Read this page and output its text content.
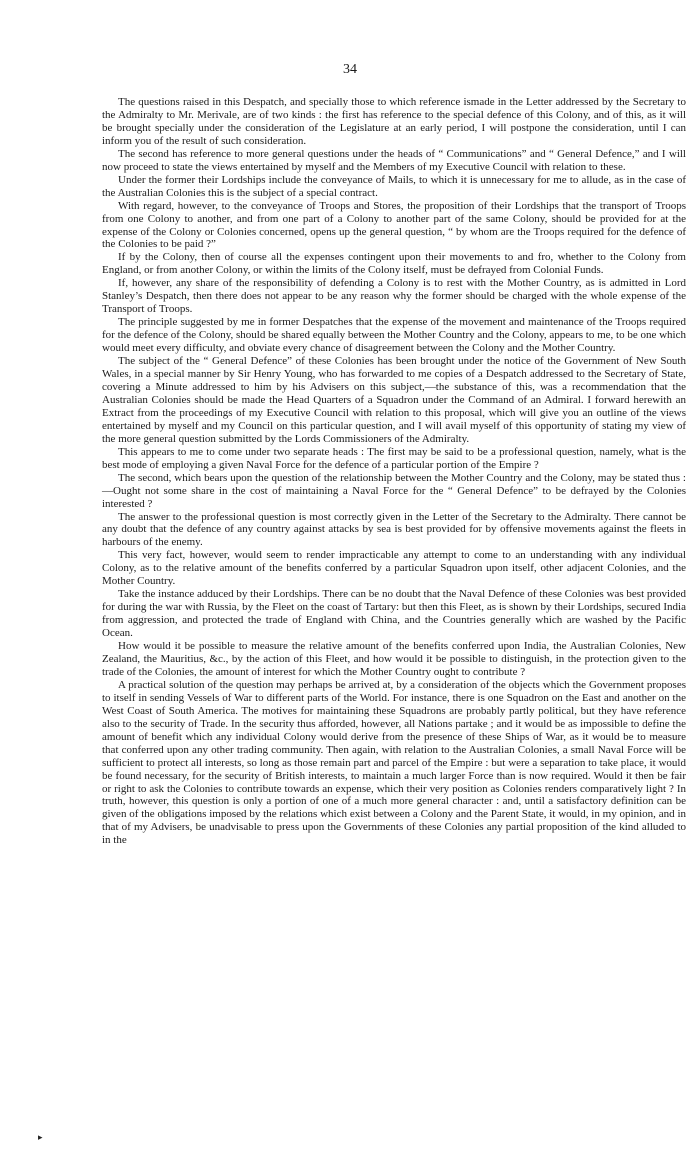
34

The questions raised in this Despatch, and specially those to which reference ismade in the Letter addressed by the Secretary to the Admiralty to Mr. Merivale, are of two kinds : the first has reference to the special defence of this Colony, and of this, as it will be brought specially under the consideration of the Legislature at an early period, I will postpone the consideration, until I can inform you of the result of such consideration.

The second has reference to more general questions under the heads of “ Communications” and “ General Defence,” and I will now proceed to state the views entertained by myself and the Members of my Executive Council with relation to these.

Under the former their Lordships include the conveyance of Mails, to which it is unnecessary for me to allude, as in the case of the Australian Colonies this is the subject of a special contract.

With regard, however, to the conveyance of Troops and Stores, the proposition of their Lordships that the transport of Troops from one Colony to another, and from one part of a Colony to another part of the same Colony, should be provided for at the expense of the Colony or Colonies concerned, opens up the general question, “ by whom are the Troops required for the defence of the Colonies to be paid ?”

If by the Colony, then of course all the expenses contingent upon their movements to and fro, whether to the Colony from England, or from another Colony, or within the limits of the Colony itself, must be defrayed from Colonial Funds.

If, however, any share of the responsibility of defending a Colony is to rest with the Mother Country, as is admitted in Lord Stanley’s Despatch, then there does not appear to be any reason why the former should be charged with the whole expense of the Transport of Troops.

The principle suggested by me in former Despatches that the expense of the movement and maintenance of the Troops required for the defence of the Colony, should be shared equally between the Mother Country and the Colony, appears to me, to be one which would meet every difficulty, and obviate every chance of disagreement between the Colony and the Mother Country.

The subject of the “ General Defence” of these Colonies has been brought under the notice of the Government of New South Wales, in a special manner by Sir Henry Young, who has forwarded to me copies of a Despatch addressed to the Secretary of State, covering a Minute addressed to him by his Advisers on this subject,—the substance of this, was a recommendation that the Australian Colonies should be made the Head Quarters of a Squadron under the Command of an Admiral. I forward herewith an Extract from the proceedings of my Executive Council with relation to this proposal, which will give you an outline of the views entertained by myself and my Council on this particular question, and I will avail myself of this opportunity of stating my view of the more general question submitted by the Lords Commissioners of the Admiralty.

This appears to me to come under two separate heads : The first may be said to be a professional question, namely, what is the best mode of employing a given Naval Force for the defence of a particular portion of the Empire ?

The second, which bears upon the question of the relationship between the Mother Country and the Colony, may be stated thus :—Ought not some share in the cost of maintaining a Naval Force for the “ General Defence” to be defrayed by the Colonies interested ?

The answer to the professional question is most correctly given in the Letter of the Secretary to the Admiralty. There cannot be any doubt that the defence of any country against attacks by sea is best provided for by offensive movements against the fleets in harbours of the enemy.

This very fact, however, would seem to render impracticable any attempt to come to an understanding with any individual Colony, as to the relative amount of the benefits conferred by a particular Squadron upon itself, other adjacent Colonies, and the Mother Country.

Take the instance adduced by their Lordships. There can be no doubt that the Naval Defence of these Colonies was best provided for during the war with Russia, by the Fleet on the coast of Tartary: but then this Fleet, as is shown by their Lordships, secured India from aggression, and protected the trade of England with China, and the Countries generally which are washed by the Pacific Ocean.

How would it be possible to measure the relative amount of the benefits conferred upon India, the Australian Colonies, New Zealand, the Mauritius, &c., by the action of this Fleet, and how would it be possible to distinguish, in the protection given to the trade of the Colonies, the amount of interest for which the Mother Country ought to contribute ?

A practical solution of the question may perhaps be arrived at, by a consideration of the objects which the Government proposes to itself in sending Vessels of War to different parts of the World. For instance, there is one Squadron on the East and another on the West Coast of South America. The motives for maintaining these Squadrons are probably partly political, but they have reference also to the security of Trade. In the security thus afforded, however, all Nations partake ; and it would be as impossible to define the amount of benefit which any individual Colony would derive from the presence of these Ships of War, as it would be to measure that conferred upon any other trading community. Then again, with relation to the Australian Colonies, a small Naval Force will be sufficient to protect all interests, so long as those remain part and parcel of the Empire : but were a separation to take place, it would be found necessary, for the security of British interests, to maintain a much larger Force than is now required. Would it then be fair or right to ask the Colonies to contribute towards an expense, which their very position as Colonies renders comparatively light ? In truth, however, this question is only a portion of one of a much more general character : and, until a satisfactory definition can be given of the obligations imposed by the relations which exist between a Colony and the Parent State, it would, in my opinion, and in that of my Advisers, be unadvisable to press upon the Governments of these Colonies any partial proposition of the kind alluded to in the

▸
